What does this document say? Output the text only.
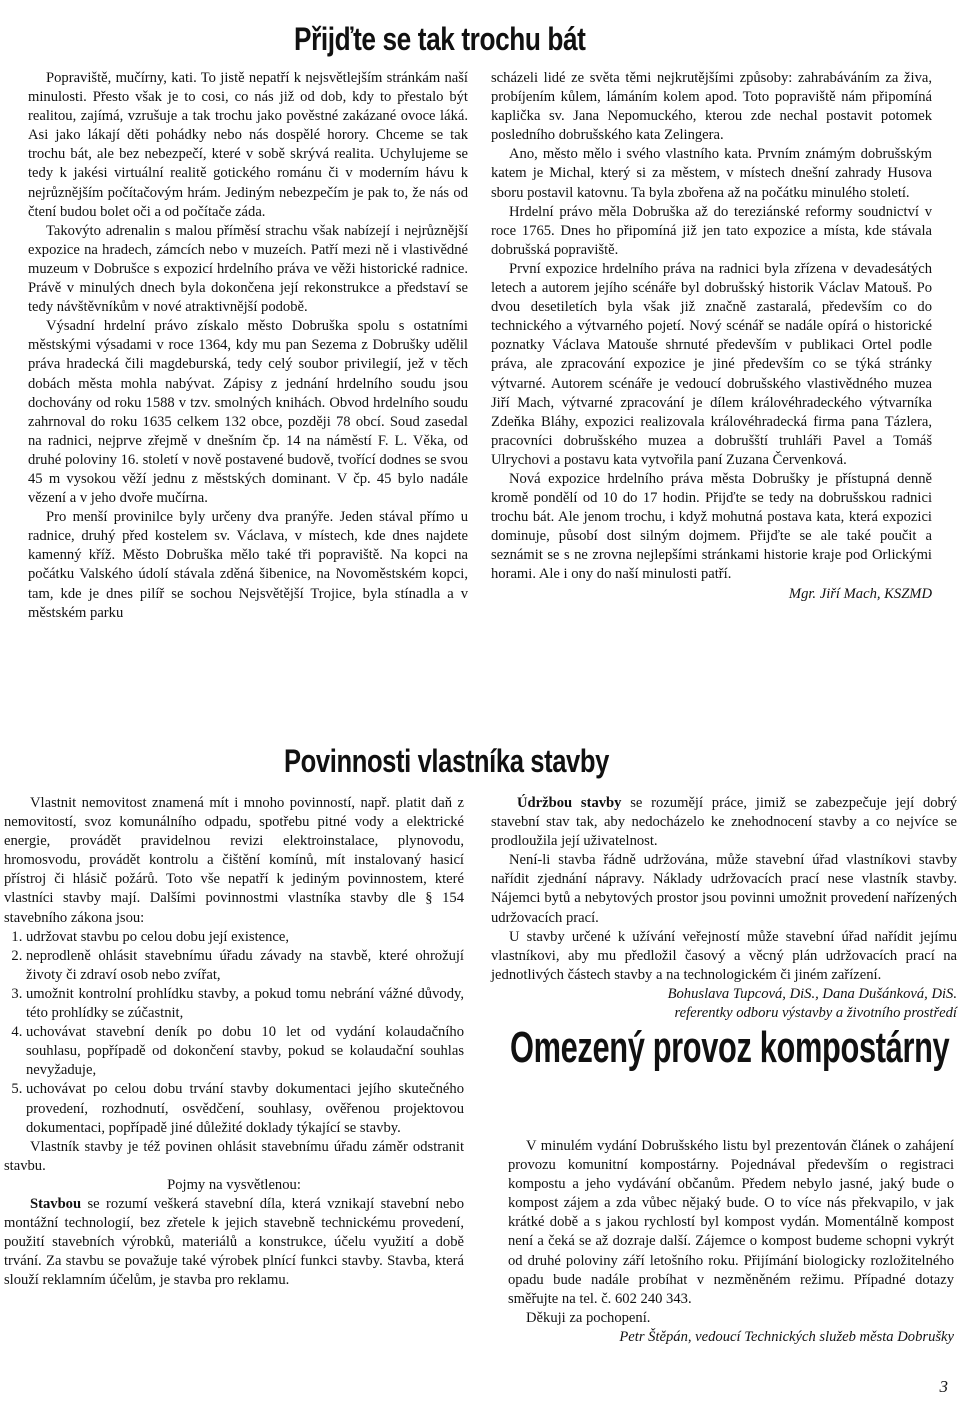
Přijďte se tak trochu bát

Popraviště, mučírny, kati. To jistě nepatří k nejsvětlejším stránkám naší minulosti. Přesto však je to cosi, co nás již od dob, kdy to přestalo být realitou, zajímá, vzrušuje a tak trochu jako pověstné zakázané ovoce láká. Asi jako lákají děti pohádky nebo nás dospělé horory. Chceme se tak trochu bát, ale bez nebezpečí, které v sobě skrývá realita. Uchylujeme se tedy k jakési virtuální realitě gotického románu či v moderním hávu k nejrůznějším počítačovým hrám. Jediným nebezpečím je pak to, že nás od čtení budou bolet oči a od počítače záda.

Takovýto adrenalin s malou příměsí strachu však nabízejí i nejrůznější expozice na hradech, zámcích nebo v muzeích. Patří mezi ně i vlastivědné muzeum v Dobrušce s expozicí hrdelního práva ve věži historické radnice. Právě v minulých dnech byla dokončena její rekonstrukce a představí se tedy návštěvníkům v nové atraktivnější podobě.

Výsadní hrdelní právo získalo město Dobruška spolu s ostatními městskými výsadami v roce 1364, kdy mu pan Sezema z Dobrušky udělil práva hradecká čili magdeburská, tedy celý soubor privilegií, jež v těch dobách města mohla nabývat. Zápisy z jednání hrdelního soudu jsou dochovány od roku 1588 v tzv. smolných knihách. Obvod hrdelního soudu zahrnoval do roku 1635 celkem 132 obce, později 78 obcí. Soud zasedal na radnici, nejprve zřejmě v dnešním čp. 14 na náměstí F. L. Věka, od druhé poloviny 16. století v nově postavené budově, tvořící dodnes se svou 45 m vysokou věží jednu z městských dominant. V čp. 45 bylo nadále vězení a v jeho dvoře mučírna.

Pro menší provinilce byly určeny dva pranýře. Jeden stával přímo u radnice, druhý před kostelem sv. Václava, v místech, kde dnes najdete kamenný kříž. Město Dobruška mělo také tři popraviště. Na kopci na počátku Valského údolí stávala zděná šibenice, na Novoměstském kopci, tam, kde je dnes pilíř se sochou Nejsvětější Trojice, byla stínadla a v městském parku

scházeli lidé ze světa těmi nejkrutějšími způsoby: zahrabáváním za živa, probíjením kůlem, lámáním kolem apod. Toto popraviště nám připomíná kaplička sv. Jana Nepomuckého, kterou zde nechal postavit potomek posledního dobrušského kata Zelingera.

Ano, město mělo i svého vlastního kata. Prvním známým dobrušským katem je Michal, který si za městem, v místech dnešní zahrady Husova sboru postavil katovnu. Ta byla zbořena až na počátku minulého století.

Hrdelní právo měla Dobruška až do tereziánské reformy soudnictví v roce 1765. Dnes ho připomíná již jen tato expozice a místa, kde stávala dobrušská popraviště.

První expozice hrdelního práva na radnici byla zřízena v devadesátých letech a autorem jejího scénáře byl dobrušský historik Václav Matouš. Po dvou desetiletích byla však již značně zastaralá, především co do technického a výtvarného pojetí. Nový scénář se nadále opírá o historické poznatky Václava Matouše shrnuté především v publikaci Ortel podle práva, ale zpracování expozice je jiné především co se týká stránky výtvarné. Autorem scénáře je vedoucí dobrušského vlastivědného muzea Jiří Mach, výtvarné zpracování je dílem královéhradeckého výtvarníka Zdeňka Bláhy, expozici realizovala královéhradecká firma pana Tázlera, pracovníci dobrušského muzea a dobrušští truhláři Pavel a Tomáš Ulrychovi a postavu kata vytvořila paní Zuzana Červenková.

Nová expozice hrdelního práva města Dobrušky je přístupná denně kromě pondělí od 10 do 17 hodin. Přijďte se tedy na dobrušskou radnici trochu bát. Ale jenom trochu, i když mohutná postava kata, která expozici dominuje, působí dost silným dojmem. Přijďte se ale také poučit a seznámit se s ne zrovna nejlepšími stránkami historie kraje pod Orlickými horami. Ale i ony do naší minulosti patří.

Mgr. Jiří Mach, KSZMD

Povinnosti vlastníka stavby

Vlastnit nemovitost znamená mít i mnoho povinností, např. platit daň z nemovitostí, svoz komunálního odpadu, spotřebu pitné vody a elektrické energie, provádět pravidelnou revizi elektroinstalace, plynovodu, hromosvodu, provádět kontrolu a čištění komínů, mít instalovaný hasicí přístroj či hlásič požárů. Toto vše nepatří k jediným povinnostem, které vlastníci stavby mají. Dalšími povinnostmi vlastníka stavby dle § 154 stavebního zákona jsou:

1. udržovat stavbu po celou dobu její existence,
2. neprodleně ohlásit stavebnímu úřadu závady na stavbě, které ohrožují životy či zdraví osob nebo zvířat,
3. umožnit kontrolní prohlídku stavby, a pokud tomu nebrání vážné důvody, této prohlídky se zúčastnit,
4. uchovávat stavební deník po dobu 10 let od vydání kolaudačního souhlasu, popřípadě od dokončení stavby, pokud se kolaudační souhlas nevyžaduje,
5. uchovávat po celou dobu trvání stavby dokumentaci jejího skutečného provedení, rozhodnutí, osvědčení, souhlasy, ověřenou projektovou dokumentaci, popřípadě jiné důležité doklady týkající se stavby.

Vlastník stavby je též povinen ohlásit stavebnímu úřadu záměr odstranit stavbu.

Pojmy na vysvětlenou:

Stavbou se rozumí veškerá stavební díla, která vznikají stavební nebo montážní technologií, bez zřetele k jejich stavebně technickému provedení, použití stavebních výrobků, materiálů a konstrukce, účelu využití a době trvání. Za stavbu se považuje také výrobek plnící funkci stavby. Stavba, která slouží reklamním účelům, je stavba pro reklamu.

Údržbou stavby se rozumějí práce, jimiž se zabezpečuje její dobrý stavební stav tak, aby nedocházelo ke znehodnocení stavby a co nejvíce se prodloužila její uživatelnost.

Není-li stavba řádně udržována, může stavební úřad vlastníkovi stavby nařídit zjednání nápravy. Náklady udržovacích prací nese vlastník stavby. Nájemci bytů a nebytových prostor jsou povinni umožnit provedení nařízených udržovacích prací.

U stavby určené k užívání veřejností může stavební úřad nařídit jejímu vlastníkovi, aby mu předložil časový a věcný plán udržovacích prací na jednotlivých částech stavby a na technologickém či jiném zařízení.

Bohuslava Tupcová, DiS., Dana Dušánková, DiS.

referentky odboru výstavby a životního prostředí

Omezený provoz kompostárny

V minulém vydání Dobrušského listu byl prezentován článek o zahájení provozu komunitní kompostárny. Pojednával především o registraci kompostu a jeho vydávání občanům. Předem nebylo jasné, jaký bude o kompost zájem a zda vůbec nějaký bude. O to více nás překvapilo, v jak krátké době a s jakou rychlostí byl kompost vydán. Momentálně kompost není a čeká se až dozraje další. Zájemce o kompost budeme schopni vykrýt od druhé poloviny září letošního roku. Přijímání biologicky rozložitelného opadu bude nadále probíhat v nezměněném režimu. Případné dotazy směřujte na tel. č. 602 240 343.

Děkuji za pochopení.

Petr Štěpán, vedoucí Technických služeb města Dobrušky

3
